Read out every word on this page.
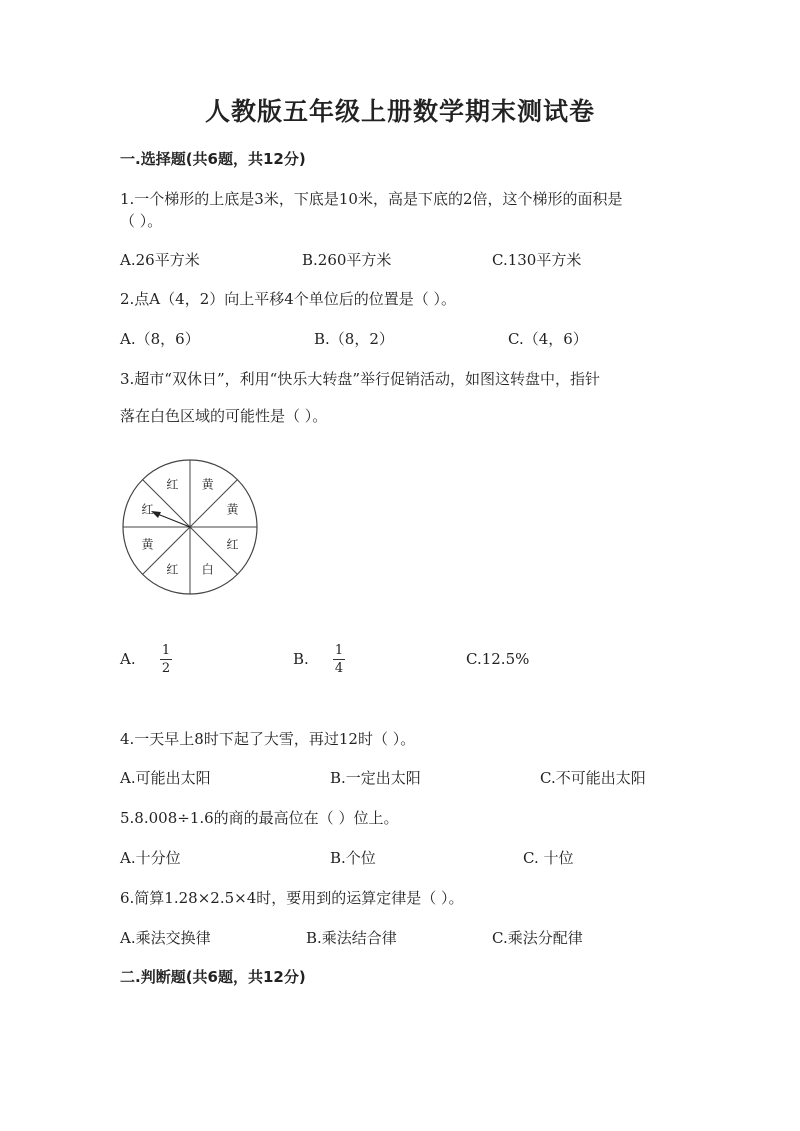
人教版五年级上册数学期末测试卷
一.选择题(共6题，共12分)
1.一个梯形的上底是3米，下底是10米，高是下底的2倍，这个梯形的面积是
（ ）。
A.26平方米	B.260平方米	C.130平方米
2.点A（4，2）向上平移4个单位后的位置是（ ）。
A.（8，6）	B.（8，2）	C.（4，6）
3.超市“双休日”，利用“快乐大转盘”举行促销活动，如图这转盘中，指针
落在白色区域的可能性是（ ）。
黄
黄
红
白
红
黄
红
红
A. 1
2
B. 1
4
C.12.5%
4.一天早上8时下起了大雪，再过12时（ ）。
A.可能出太阳	B.一定出太阳	C.不可能出太阳
5.8.008÷1.6的商的最高位在（ ）位上。
A.十分位	B.个位	C. 十位
6.简算1.28×2.5×4时，要用到的运算定律是（ ）。
A.乘法交换律	B.乘法结合律	C.乘法分配律
二.判断题(共6题，共12分)
